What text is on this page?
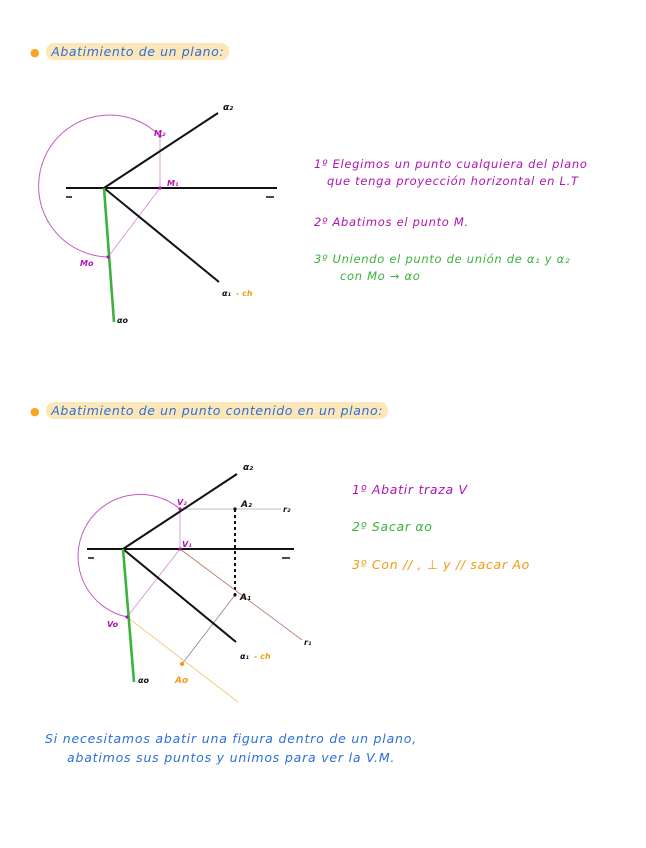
● Abatimiento de un plano:
α₂
M₂
M₁
Mo
α₁ - ch
αo
α₂
V₂	A₂	r₂
V₁
A₁
r₁
Vo
α₁ - ch
Ao
αo
1º Elegimos un punto cualquiera del plano
que tenga proyección horizontal en L.T
2º Abatimos el punto M.
3º Uniendo el punto de unión de α₁ y α₂
con Mo → αo
● Abatimiento de un punto contenido en un plano:
1º Abatir traza V
2º Sacar αo
3º Con // , ⊥ y // sacar Ao
Si necesitamos abatir una figura dentro de un plano,
abatimos sus puntos y unimos para ver la V.M.
